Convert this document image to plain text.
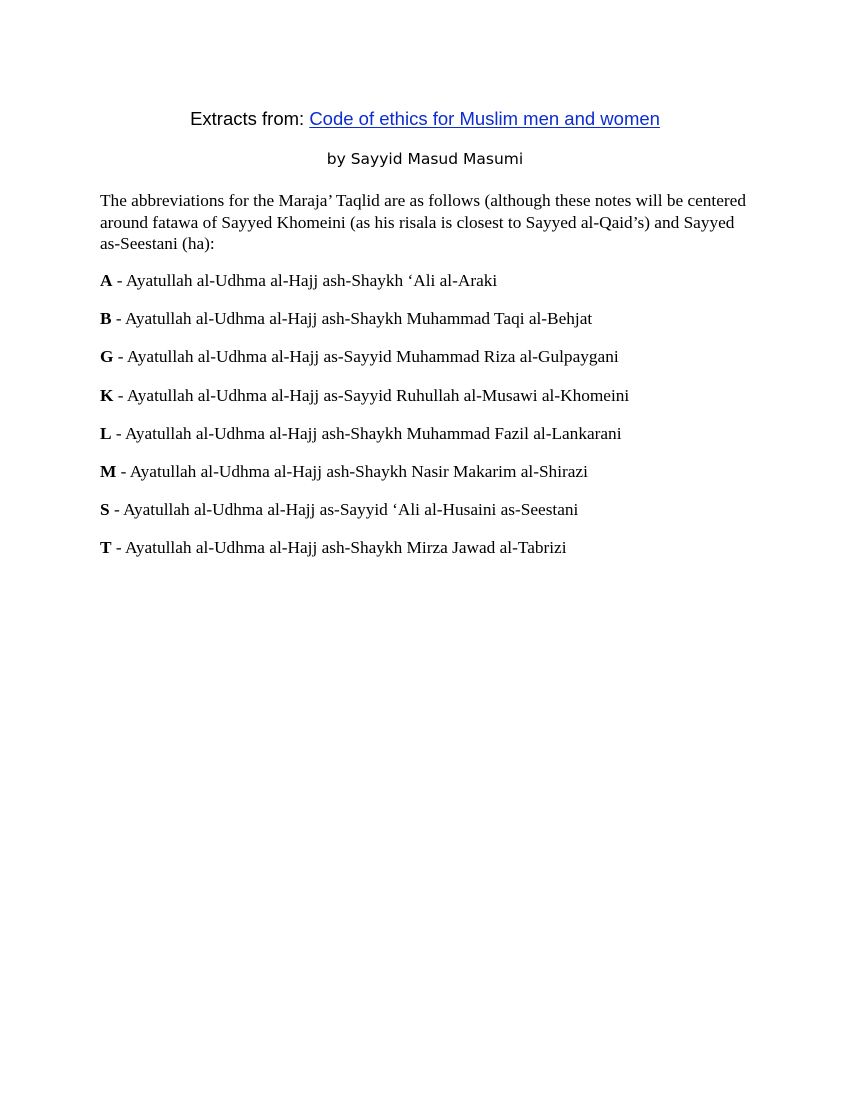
Extracts from: Code of ethics for Muslim men and women
by Sayyid Masud Masumi
The abbreviations for the Maraja’ Taqlid are as follows (although these notes will be centered around fatawa of Sayyed Khomeini (as his risala is closest to Sayyed al-Qaid’s) and Sayyed as-Seestani (ha):
A - Ayatullah al-Udhma al-Hajj ash-Shaykh ‘Ali al-Araki
B - Ayatullah al-Udhma al-Hajj ash-Shaykh Muhammad Taqi al-Behjat
G - Ayatullah al-Udhma al-Hajj as-Sayyid Muhammad Riza al-Gulpaygani
K - Ayatullah al-Udhma al-Hajj as-Sayyid Ruhullah al-Musawi al-Khomeini
L - Ayatullah al-Udhma al-Hajj ash-Shaykh Muhammad Fazil al-Lankarani
M - Ayatullah al-Udhma al-Hajj ash-Shaykh Nasir Makarim al-Shirazi
S - Ayatullah al-Udhma al-Hajj as-Sayyid ‘Ali al-Husaini as-Seestani
T - Ayatullah al-Udhma al-Hajj ash-Shaykh Mirza Jawad al-Tabrizi
